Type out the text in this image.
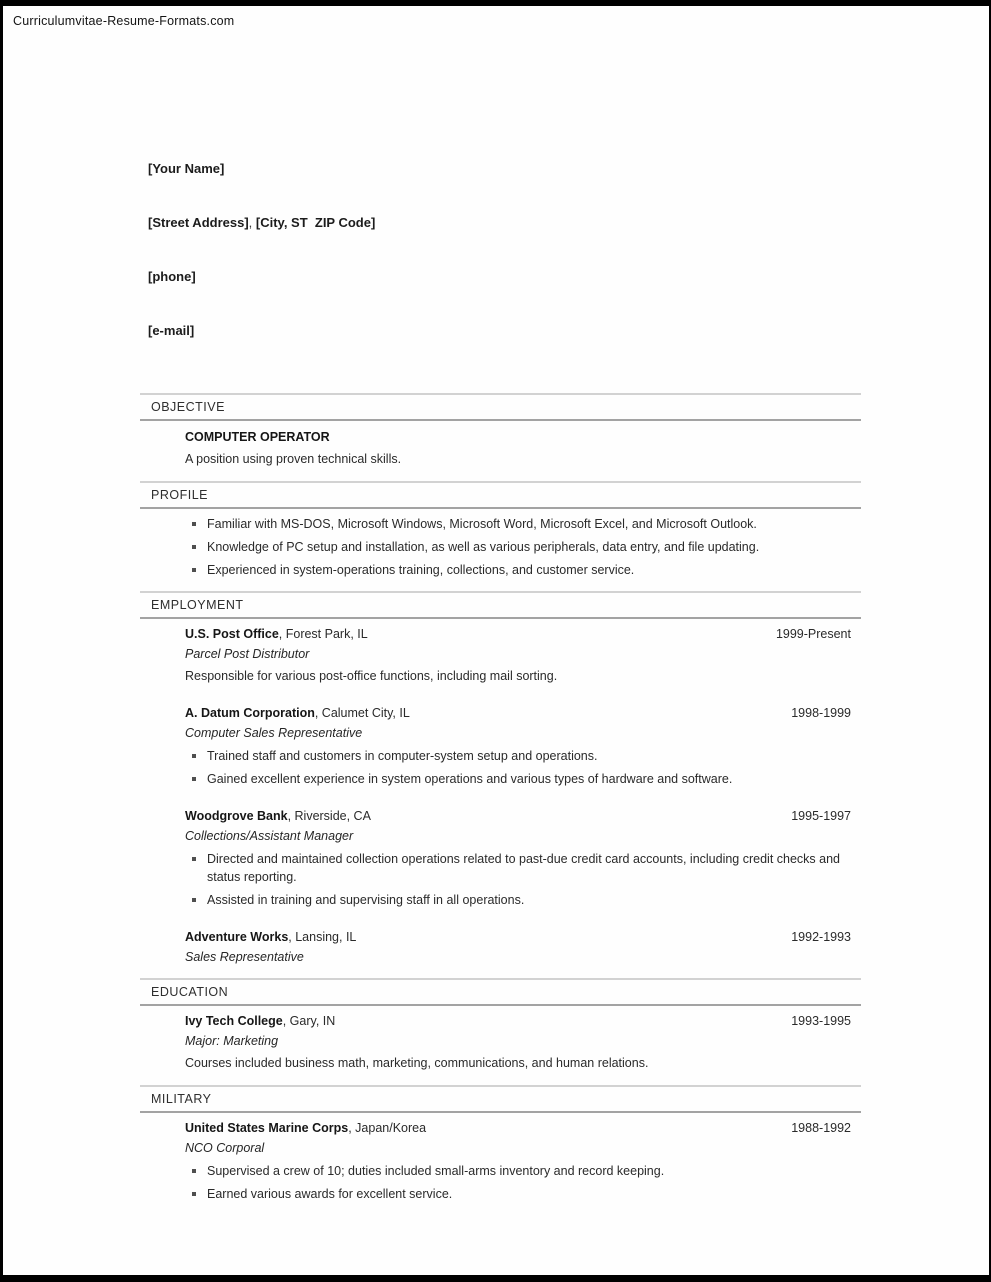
Curriculumvitae-Resume-Formats.com

[Your Name]

[Street Address], [City, ST  ZIP Code]

[phone]

[e-mail]

OBJECTIVE
COMPUTER OPERATOR
A position using proven technical skills.
PROFILE
Familiar with MS-DOS, Microsoft Windows, Microsoft Word, Microsoft Excel, and Microsoft Outlook.
Knowledge of PC setup and installation, as well as various peripherals, data entry, and file updating.
Experienced in system-operations training, collections, and customer service.
EMPLOYMENT
U.S. Post Office, Forest Park, IL	1999-Present
Parcel Post Distributor
Responsible for various post-office functions, including mail sorting.
A. Datum Corporation, Calumet City, IL	1998-1999
Computer Sales Representative
Trained staff and customers in computer-system setup and operations.
Gained excellent experience in system operations and various types of hardware and software.
Woodgrove Bank, Riverside, CA	1995-1997
Collections/Assistant Manager
Directed and maintained collection operations related to past-due credit card accounts, including credit checks and status reporting.
Assisted in training and supervising staff in all operations.
Adventure Works, Lansing, IL	1992-1993
Sales Representative
EDUCATION
Ivy Tech College, Gary, IN	1993-1995
Major: Marketing
Courses included business math, marketing, communications, and human relations.
MILITARY
United States Marine Corps, Japan/Korea	1988-1992
NCO Corporal
Supervised a crew of 10; duties included small-arms inventory and record keeping.
Earned various awards for excellent service.
